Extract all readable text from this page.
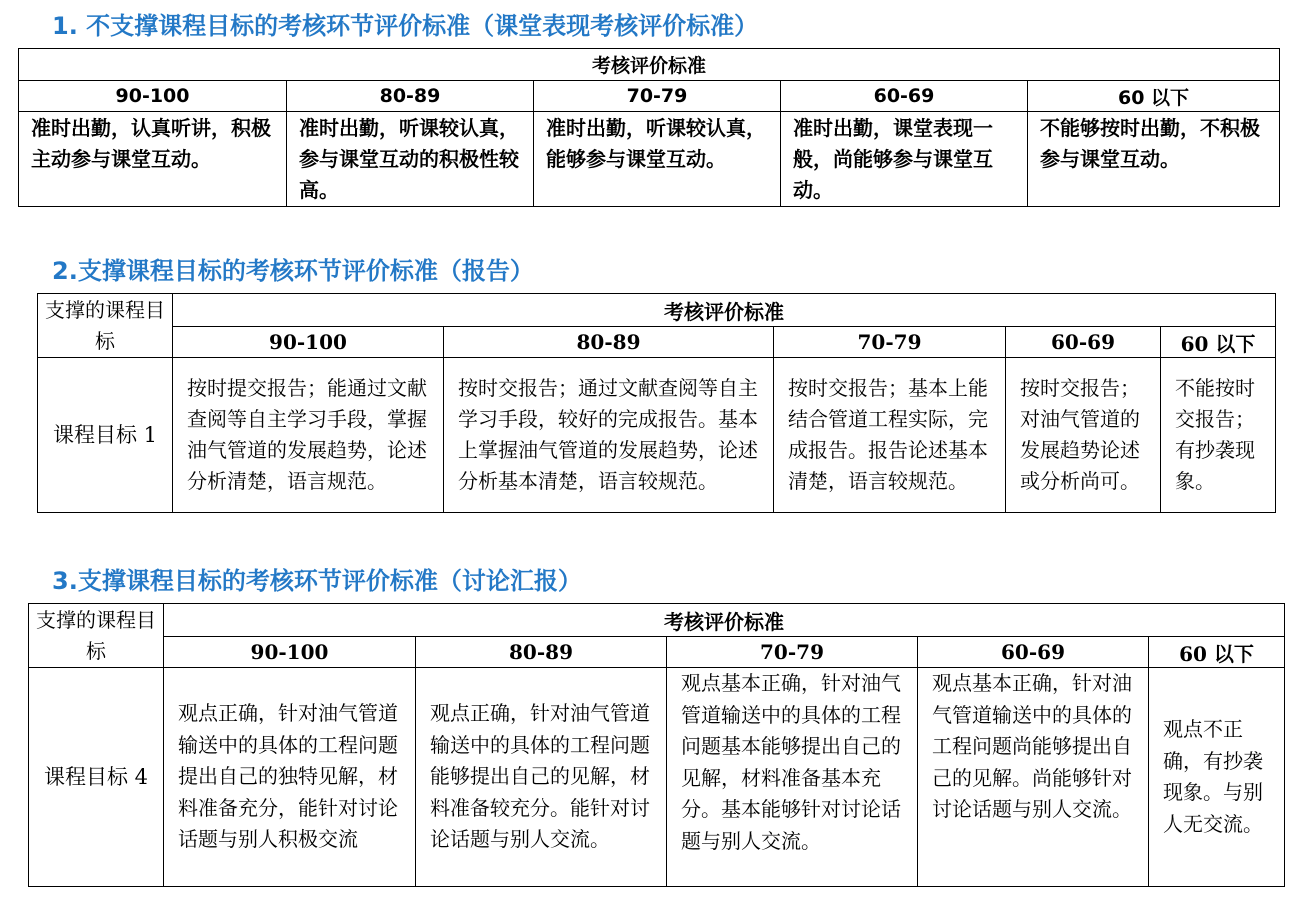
1. 不支撑课程目标的考核环节评价标准（课堂表现考核评价标准）
考核评价标准				
90-100	80-89	70-79	60-69	60 以下
准时出勤，认真听讲，积极主动参与课堂互动。	准时出勤，听课较认真，参与课堂互动的积极性较高。	准时出勤，听课较认真，能够参与课堂互动。	准时出勤，课堂表现一般，尚能够参与课堂互动。	不能够按时出勤，不积极参与课堂互动。
2.支撑课程目标的考核环节评价标准（报告）
支撑的课程目标	考核评价标准				
	90-100	80-89	70-79	60-69	60 以下
课程目标 1	按时提交报告；能通过文献查阅等自主学习手段，掌握油气管道的发展趋势，论述分析清楚，语言规范。	按时交报告；通过文献查阅等自主学习手段，较好的完成报告。基本上掌握油气管道的发展趋势，论述分析基本清楚，语言较规范。	按时交报告；基本上能结合管道工程实际，完成报告。报告论述基本清楚，语言较规范。	按时交报告；对油气管道的发展趋势论述或分析尚可。	不能按时交报告；有抄袭现象。
3.支撑课程目标的考核环节评价标准（讨论汇报）
支撑的课程目标	考核评价标准				
	90-100	80-89	70-79	60-69	60 以下
课程目标 4	观点正确，针对油气管道输送中的具体的工程问题提出自己的独特见解，材料准备充分，能针对讨论话题与别人积极交流	观点正确，针对油气管道输送中的具体的工程问题能够提出自己的见解，材料准备较充分。能针对讨论话题与别人交流。	观点基本正确，针对油气管道输送中的具体的工程问题基本能够提出自己的见解，材料准备基本充分。基本能够针对讨论话题与别人交流。	观点基本正确，针对油气管道输送中的具体的工程问题尚能够提出自己的见解。尚能够针对讨论话题与别人交流。	观点不正确，有抄袭现象。与别人无交流。
